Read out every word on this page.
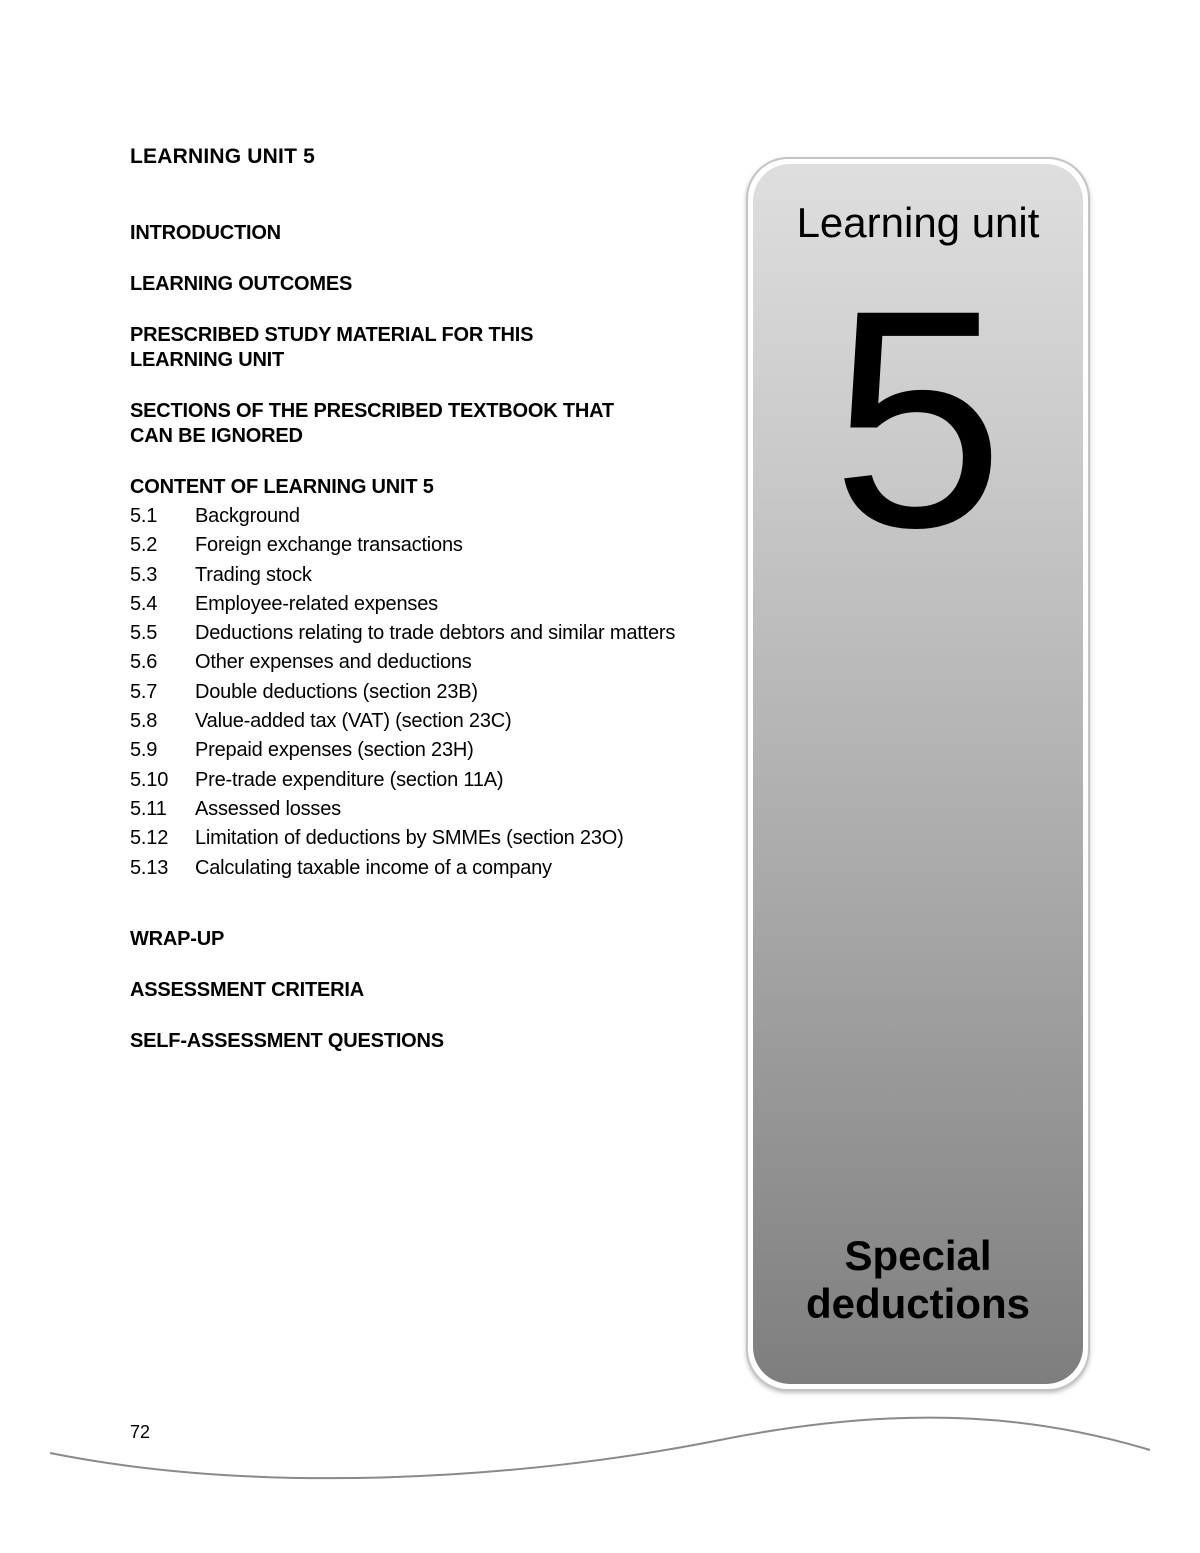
LEARNING UNIT 5
INTRODUCTION
LEARNING OUTCOMES
PRESCRIBED STUDY MATERIAL FOR THIS LEARNING UNIT
SECTIONS OF THE PRESCRIBED TEXTBOOK THAT CAN BE IGNORED
CONTENT OF LEARNING UNIT 5
5.1	Background
5.2	Foreign exchange transactions
5.3	Trading stock
5.4	Employee-related expenses
5.5	Deductions relating to trade debtors and similar matters
5.6	Other expenses and deductions
5.7	Double deductions (section 23B)
5.8	Value-added tax (VAT) (section 23C)
5.9	Prepaid expenses (section 23H)
5.10	Pre-trade expenditure (section 11A)
5.11	Assessed losses
5.12	Limitation of deductions by SMMEs (section 23O)
5.13	Calculating taxable income of a company
WRAP-UP
ASSESSMENT CRITERIA
SELF-ASSESSMENT QUESTIONS
72
Learning unit
5
Special
deductions
